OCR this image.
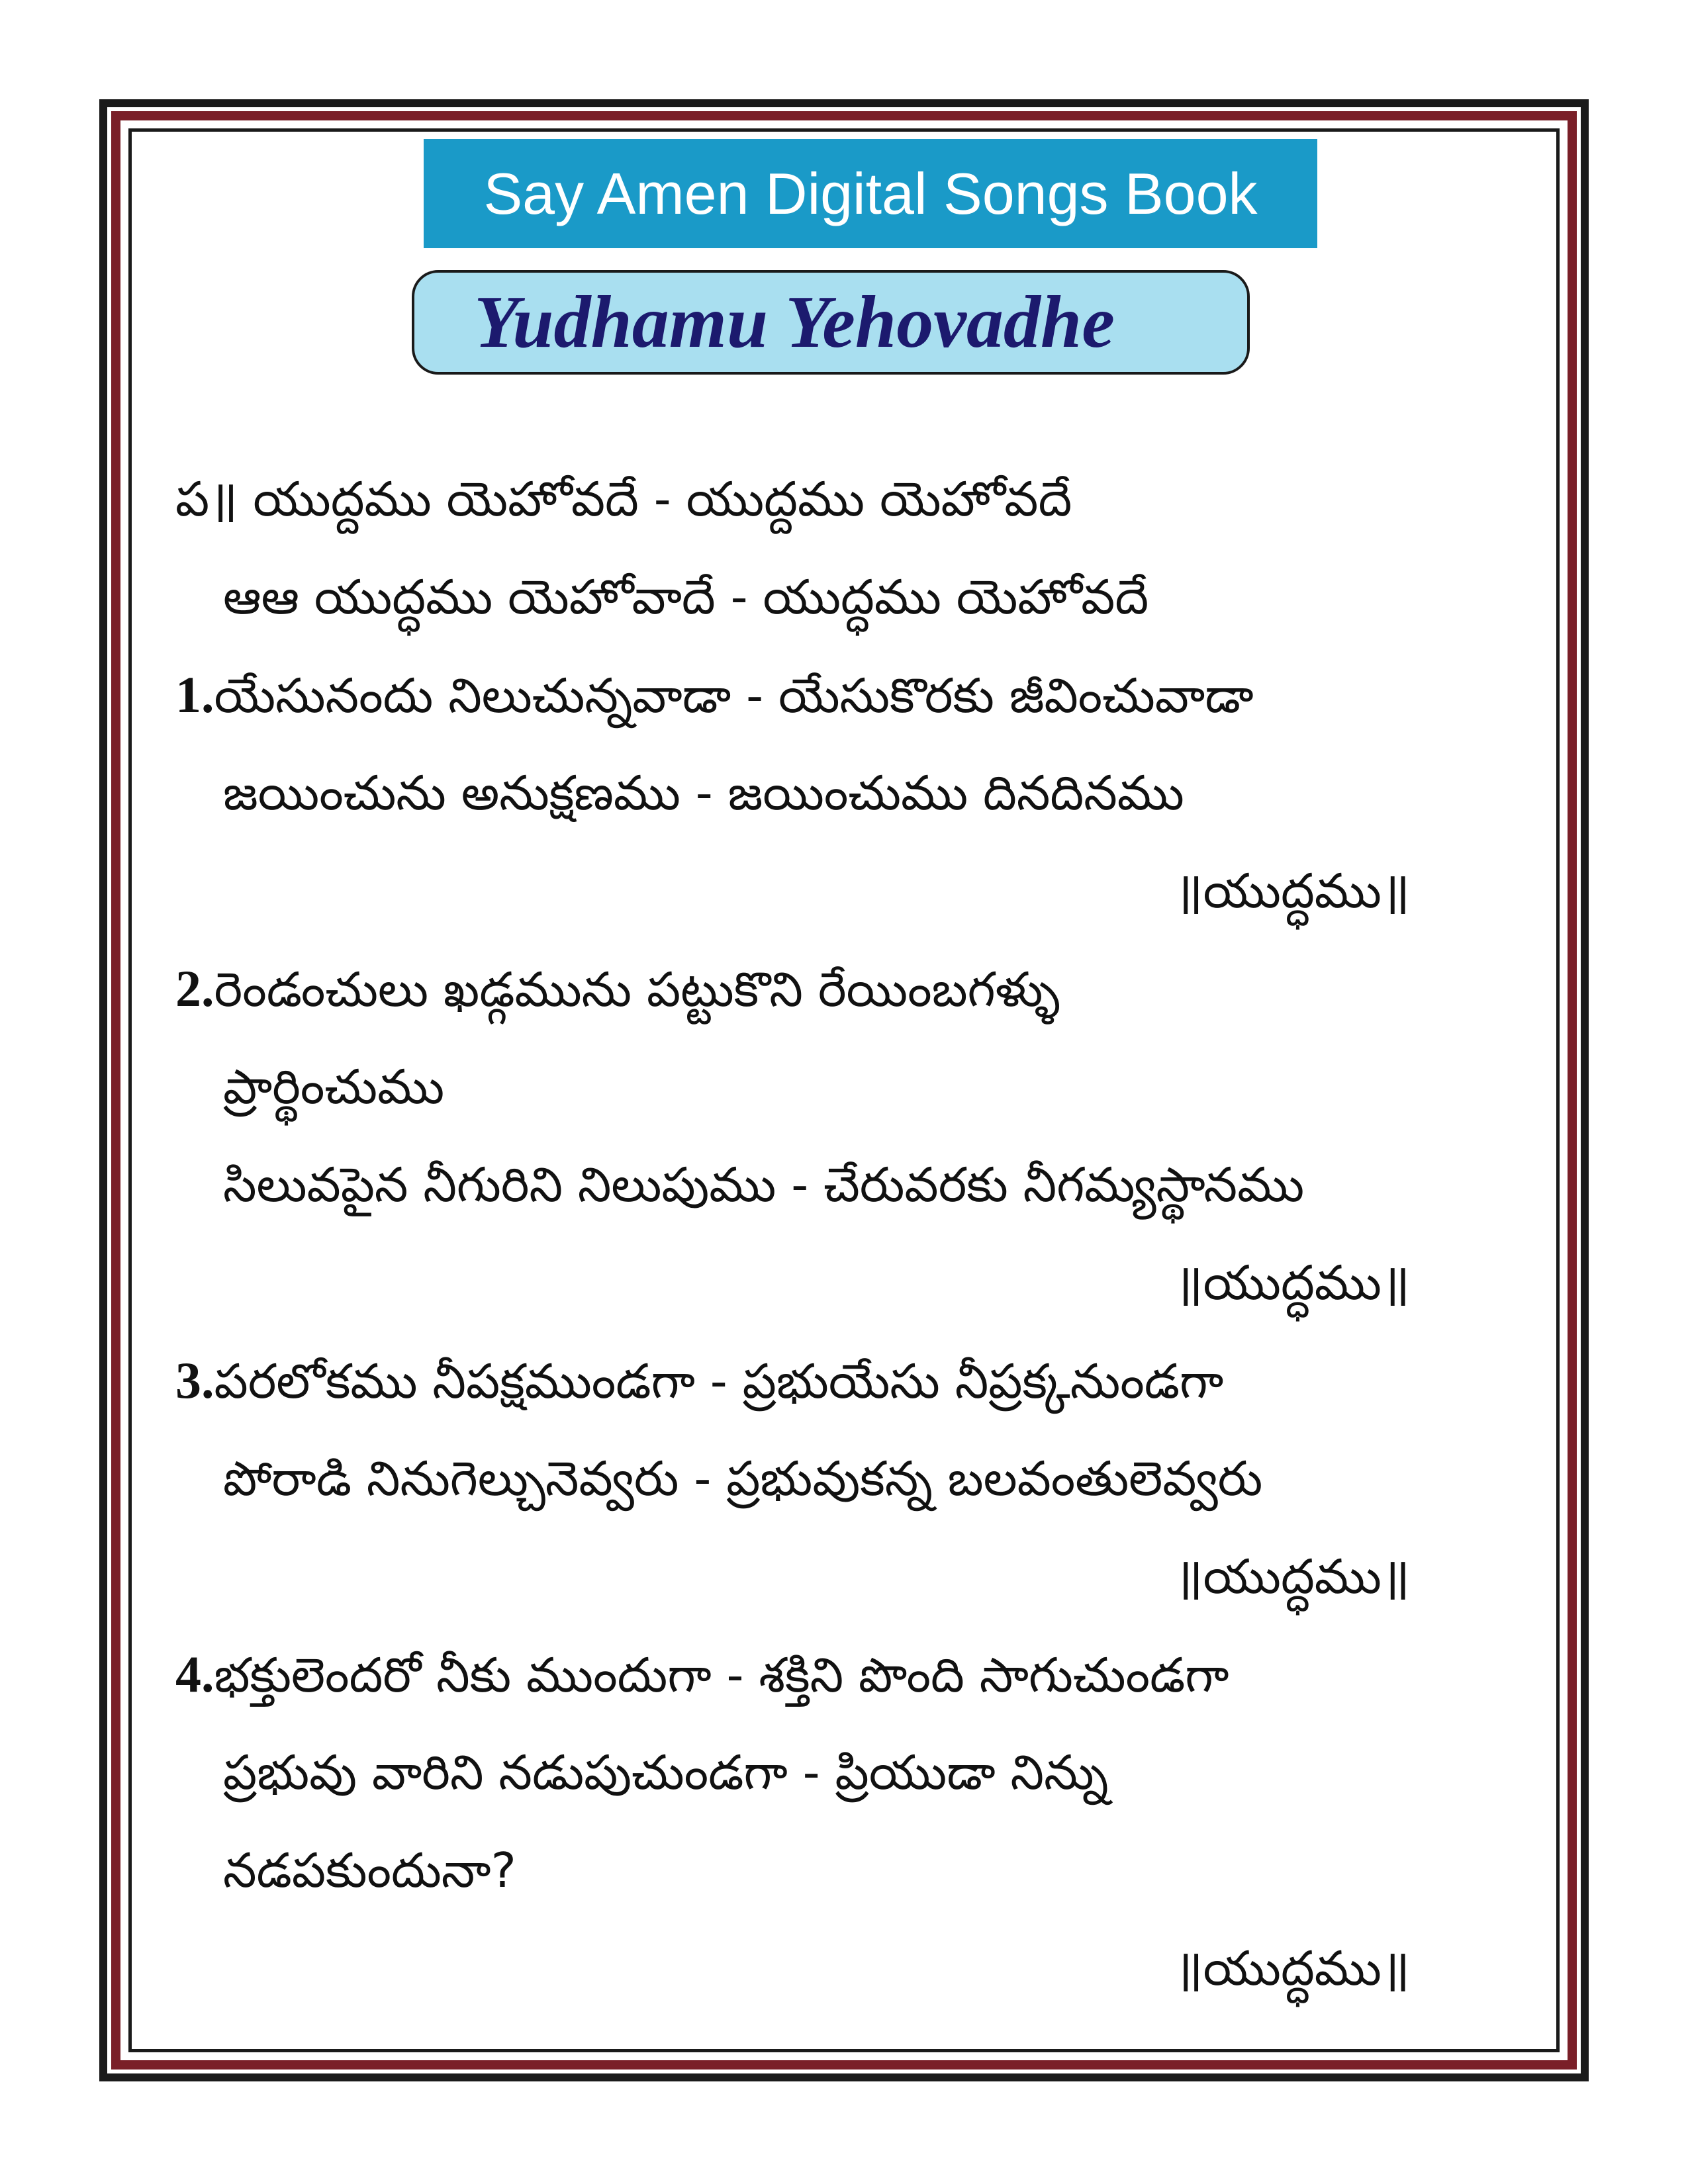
Say Amen Digital Songs Book
Yudhamu Yehovadhe
ప॥ యుద్దము యెహోవదే - యుద్దము యెహోవదే
ఆఆ యుద్ధము యెహోవాదే - యుద్ధము యెహోవదే
1.యేసునందు నిలుచున్నవాడా - యేసుకొరకు జీవించువాడా
జయించును అనుక్షణము - జయించుము దినదినము
॥యుద్ధము॥
2.రెండంచులు ఖడ్గమును పట్టుకొని రేయింబగళ్ళు
ప్రార్థించుము
సిలువపైన నీగురిని నిలుపుము - చేరువరకు నీగమ్యస్థానము
॥యుద్ధము॥
3.పరలోకము నీపక్షముండగా - ప్రభుయేసు నీప్రక్కనుండగా
పోరాడి నినుగెల్చునెవ్వరు - ప్రభువుకన్న బలవంతులెవ్వరు
॥యుద్ధము॥
4.భక్తులెందరో నీకు ముందుగా - శక్తిని పొంది సాగుచుండగా
ప్రభువు వారిని నడుపుచుండగా - ప్రియుడా నిన్ను
నడపకుందునా?
॥యుద్ధము॥
